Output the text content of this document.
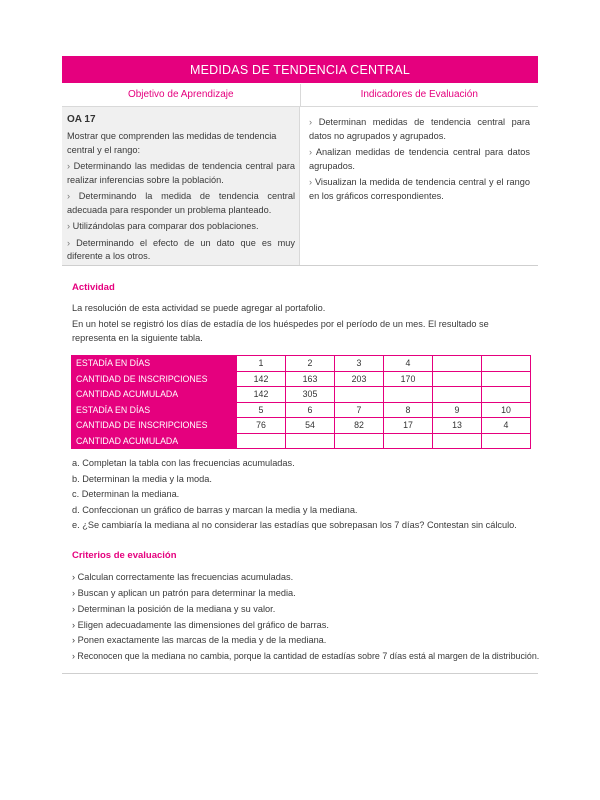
MEDIDAS DE TENDENCIA CENTRAL
Objetivo de Aprendizaje	Indicadores de Evaluación
OA 17
Mostrar que comprenden las medidas de tendencia central y el rango:
› Determinando las medidas de tendencia central para realizar inferencias sobre la población.
› Determinando la medida de tendencia central adecuada para responder un problema planteado.
› Utilizándolas para comparar dos poblaciones.
› Determinando el efecto de un dato que es muy diferente a los otros.
› Determinan medidas de tendencia central para datos no agrupados y agrupados.
› Analizan medidas de tendencia central para datos agrupados.
› Visualizan la medida de tendencia central y el rango en los gráficos correspondientes.
Actividad
La resolución de esta actividad se puede agregar al portafolio.
En un hotel se registró los días de estadía de los huéspedes por el período de un mes. El resultado se representa en la siguiente tabla.
ESTADÍA EN DÍAS	1	2	3	4		
CANTIDAD DE INSCRIPCIONES	142	163	203	170		
CANTIDAD ACUMULADA	142	305				
ESTADÍA EN DÍAS	5	6	7	8	9	10
CANTIDAD DE INSCRIPCIONES	76	54	82	17	13	4
CANTIDAD ACUMULADA						
a. Completan la tabla con las frecuencias acumuladas.
b. Determinan la media y la moda.
c. Determinan la mediana.
d. Confeccionan un gráfico de barras y marcan la media y la mediana.
e. ¿Se cambiaría la mediana al no considerar las estadías que sobrepasan los 7 días? Contestan sin cálculo.
Criterios de evaluación
› Calculan correctamente las frecuencias acumuladas.
› Buscan y aplican un patrón para determinar la media.
› Determinan la posición de la mediana y su valor.
› Eligen adecuadamente las dimensiones del gráfico de barras.
› Ponen exactamente las marcas de la media y de la mediana.
› Reconocen que la mediana no cambia, porque la cantidad de estadías sobre 7 días está al margen de la distribución.
